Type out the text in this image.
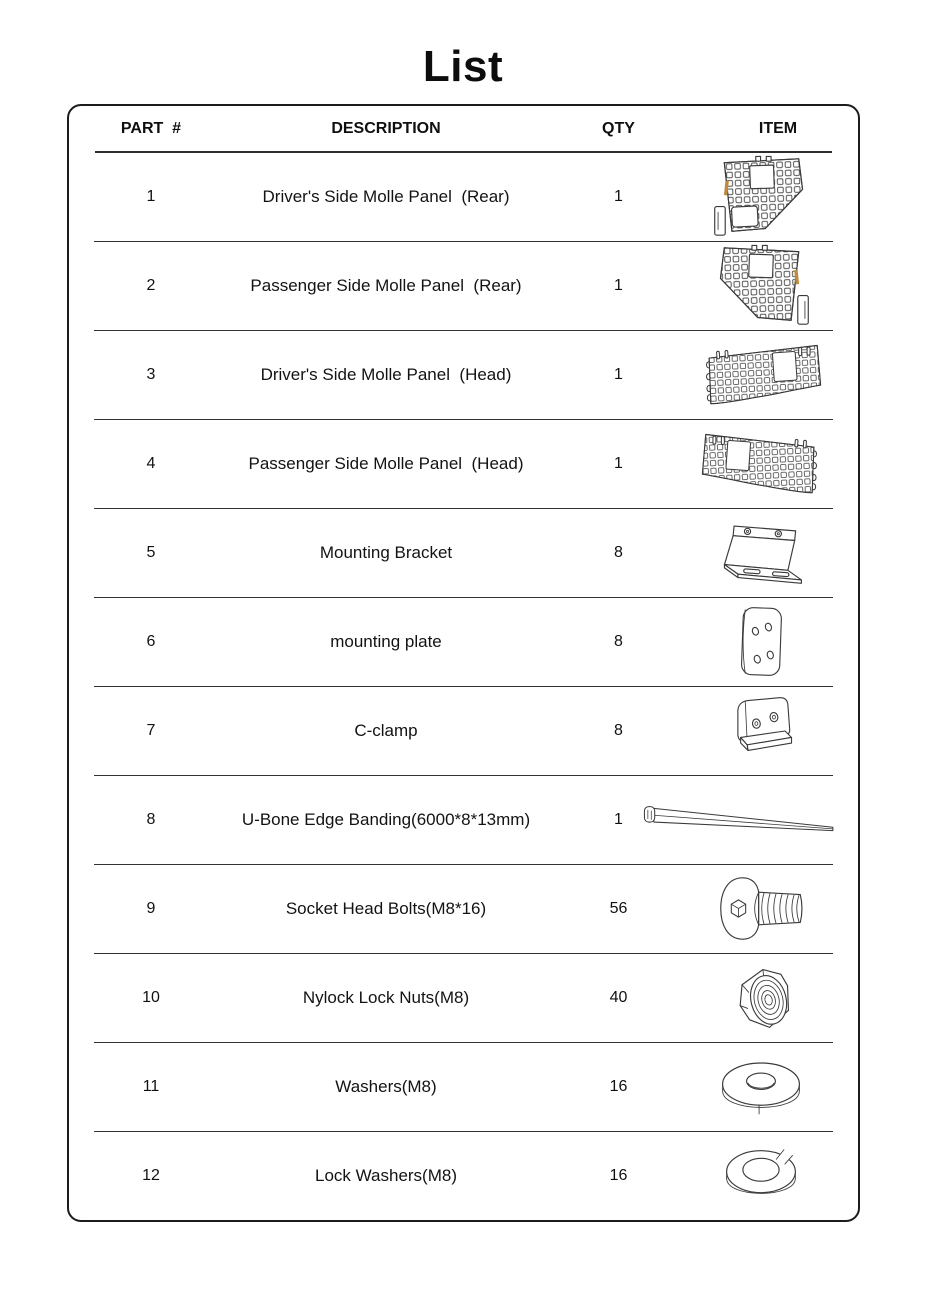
List
PART  #	DESCRIPTION	QTY	ITEM
1	Driver's Side Molle Panel  (Rear)	1
2	Passenger Side Molle Panel  (Rear)	1
3	Driver's Side Molle Panel  (Head)	1
4	Passenger Side Molle Panel  (Head)	1
5	Mounting Bracket	8
6	mounting plate	8
7	C-clamp	8
8	U-Bone Edge Banding(6000*8*13mm)	1
9	Socket Head Bolts(M8*16)	56
10	Nylock Lock Nuts(M8)	40
11	Washers(M8)	16
12	Lock Washers(M8)	16
